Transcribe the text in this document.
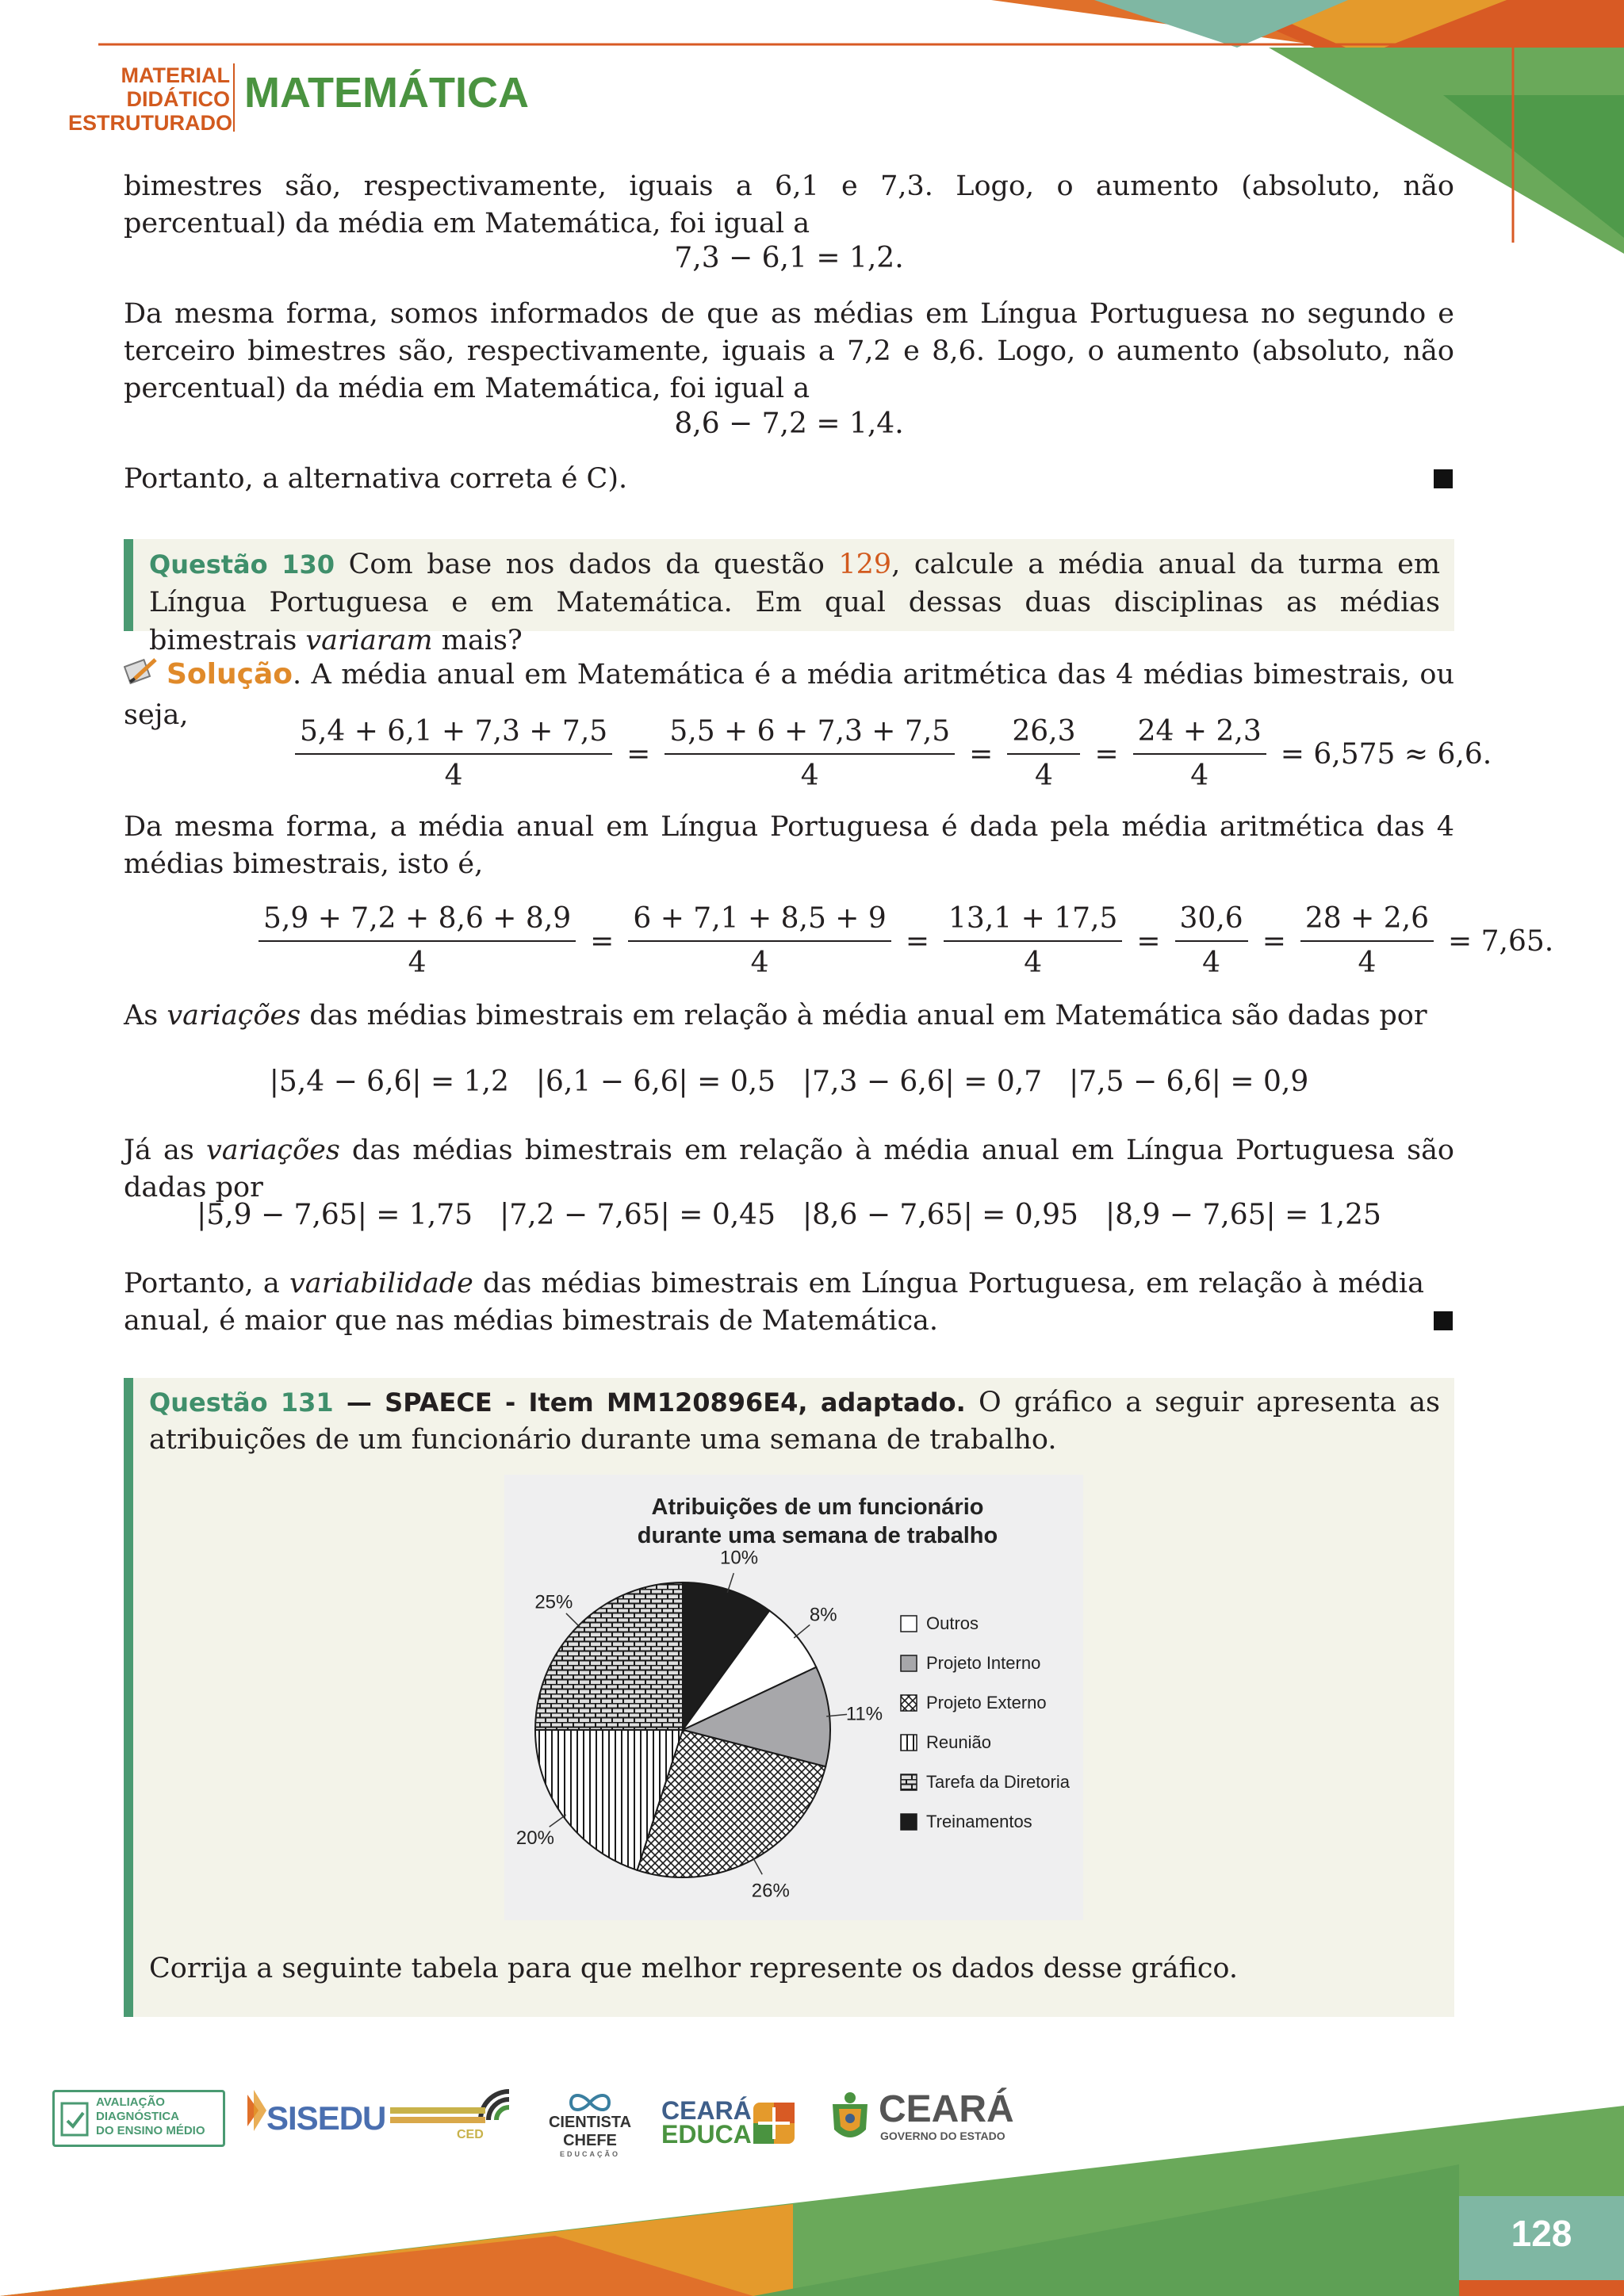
MATERIAL
DIDÁTICO
ESTRUTURADO
MATEMÁTICA
bimestres são, respectivamente, iguais a 6,1 e 7,3. Logo, o aumento (absoluto, não percentual) da média em Matemática, foi igual a
7,3 − 6,1 = 1,2.
Da mesma forma, somos informados de que as médias em Língua Portuguesa no segundo e terceiro bimestres são, respectivamente, iguais a 7,2 e 8,6. Logo, o aumento (absoluto, não percentual) da média em Matemática, foi igual a
8,6 − 7,2 = 1,4.
Portanto, a alternativa correta é C).
Questão 130 Com base nos dados da questão 129, calcule a média anual da turma em Língua Portuguesa e em Matemática. Em qual dessas duas disciplinas as médias bimestrais variaram mais?
Solução. A média anual em Matemática é a média aritmética das 4 médias bimestrais, ou seja,	$\frac{5,4 + 6,1 + 7,3 + 7,5}{4} = \frac{5,5 + 6 + 7,3 + 7,5}{4} = \frac{26,3}{4} = \frac{24 + 2,3}{4} = 6,575 \approx 6,6$.
Da mesma forma, a média anual em Língua Portuguesa é dada pela média aritmética das 4 médias bimestrais, isto é,
$\frac{5,9 + 7,2 + 8,6 + 8,9}{4} = \frac{6 + 7,1 + 8,5 + 9}{4} = \frac{13,1 + 17,5}{4} = \frac{30,6}{4} = \frac{28 + 2,6}{4} = 7,65$.
As variações das médias bimestrais em relação à média anual em Matemática são dadas por
|5,4 − 6,6| = 1,2 |6,1 − 6,6| = 0,5 |7,3 − 6,6| = 0,7 |7,5 − 6,6| = 0,9
Já as variações das médias bimestrais em relação à média anual em Língua Portuguesa são dadas por
|5,9 − 7,65| = 1,75 |7,2 − 7,65| = 0,45 |8,6 − 7,65| = 0,95 |8,9 − 7,65| = 1,25
Portanto, a variabilidade das médias bimestrais em Língua Portuguesa, em relação à média anual, é maior que nas médias bimestrais de Matemática.
Questão 131 — SPAECE - Item MM120896E4, adaptado. O gráfico a seguir apresenta as atribuições de um funcionário durante uma semana de trabalho.
Atribuições de um funcionário
durante uma semana de trabalho
10%
8%
11%
26%
20%
25%
Outros
Projeto Interno
Projeto Externo
Reunião
Tarefa da Diretoria
Treinamentos
Corrija a seguinte tabela para que melhor represente os dados desse gráfico.
128
AVALIAÇÃO
DIAGNÓSTICA
DO ENSINO MÉDIO SISEDU	CED
CIENTISTA CHEFE
EDUCAÇÃO
CEARÁ
EDUCA
CEARÁ
GOVERNO DO ESTADO
